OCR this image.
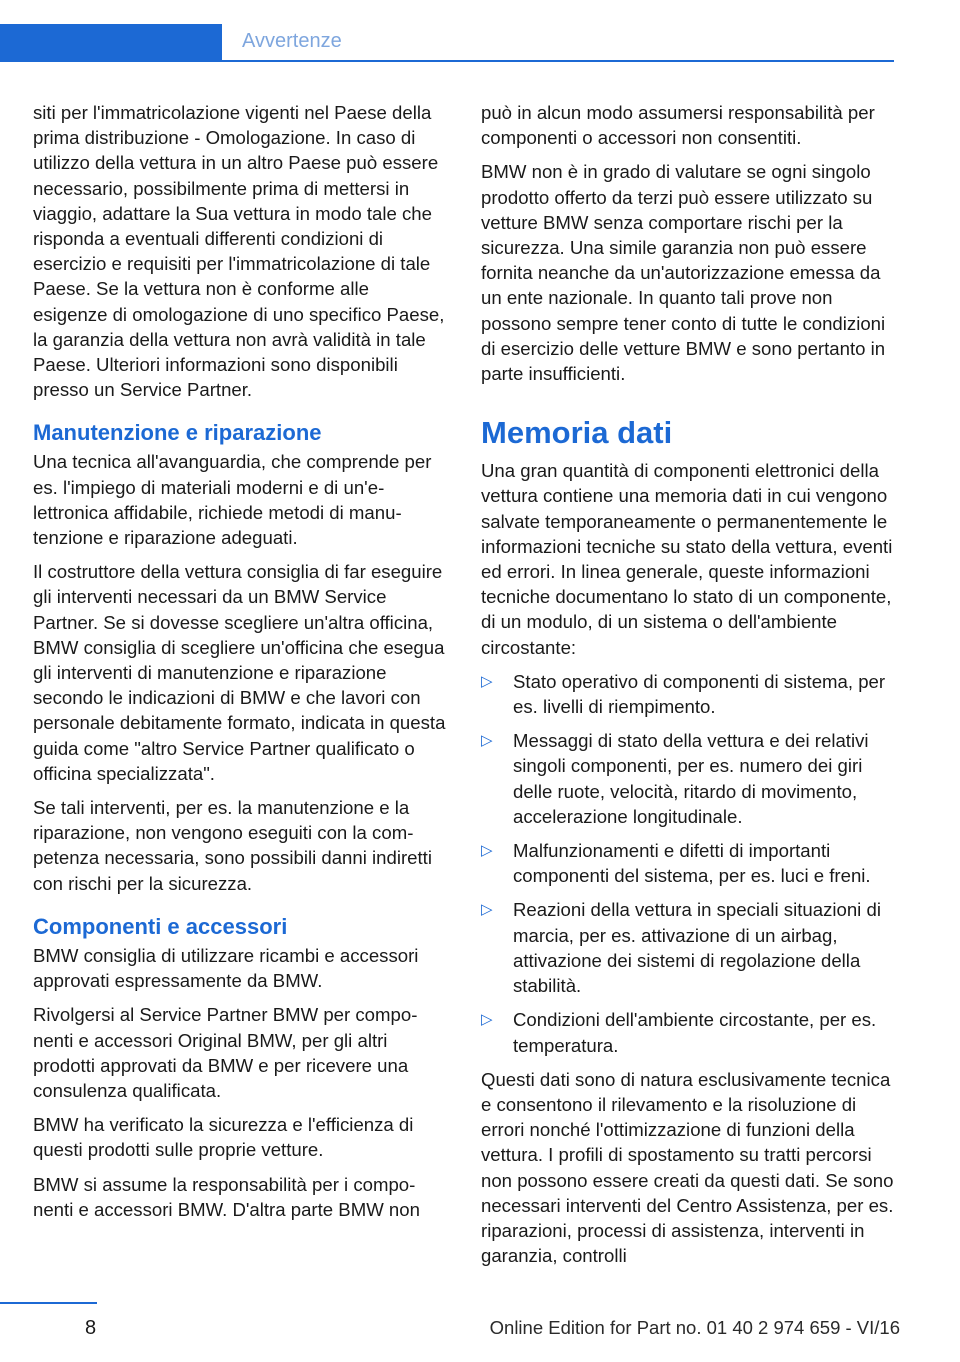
Avvertenze

siti per l'immatricolazione vigenti nel Paese della prima distribuzione - Omologazione. In caso di utilizzo della vettura in un altro Paese può essere necessario, possibilmente prima di mettersi in viaggio, adattare la Sua vettura in modo tale che risponda a eventuali differenti condizioni di esercizio e requisiti per l'immatricolazione di tale Paese. Se la vettura non è conforme alle esigenze di omologazione di uno specifico Paese, la garanzia della vettura non avrà validità in tale Paese. Ulteriori informazioni sono disponibili presso un Service Partner.

Manutenzione e riparazione

Una tecnica all'avanguardia, che comprende per es. l'impiego di materiali moderni e di un'elettronica affidabile, richiede metodi di manutenzione e riparazione adeguati.

Il costruttore della vettura consiglia di far eseguire gli interventi necessari da un BMW Service Partner. Se si dovesse scegliere un'altra officina, BMW consiglia di scegliere un'officina che esegua gli interventi di manutenzione e riparazione secondo le indicazioni di BMW e che lavori con personale debitamente formato, indicata in questa guida come "altro Service Partner qualificato o officina specializzata".

Se tali interventi, per es. la manutenzione e la riparazione, non vengono eseguiti con la competenza necessaria, sono possibili danni indiretti con rischi per la sicurezza.

Componenti e accessori

BMW consiglia di utilizzare ricambi e accessori approvati espressamente da BMW.

Rivolgersi al Service Partner BMW per componenti e accessori Original BMW, per gli altri prodotti approvati da BMW e per ricevere una consulenza qualificata.

BMW ha verificato la sicurezza e l'efficienza di questi prodotti sulle proprie vetture.

BMW si assume la responsabilità per i componenti e accessori BMW. D'altra parte BMW non

può in alcun modo assumersi responsabilità per componenti o accessori non consentiti.

BMW non è in grado di valutare se ogni singolo prodotto offerto da terzi può essere utilizzato su vetture BMW senza comportare rischi per la sicurezza. Una simile garanzia non può essere fornita neanche da un'autorizzazione emessa da un ente nazionale. In quanto tali prove non possono sempre tener conto di tutte le condizioni di esercizio delle vetture BMW e sono pertanto in parte insufficienti.

Memoria dati

Una gran quantità di componenti elettronici della vettura contiene una memoria dati in cui vengono salvate temporaneamente o permanentemente le informazioni tecniche su stato della vettura, eventi ed errori. In linea generale, queste informazioni tecniche documentano lo stato di un componente, di un modulo, di un sistema o dell'ambiente circostante:

▷ Stato operativo di componenti di sistema, per es. livelli di riempimento.
▷ Messaggi di stato della vettura e dei relativi singoli componenti, per es. numero dei giri delle ruote, velocità, ritardo di movimento, accelerazione longitudinale.
▷ Malfunzionamenti e difetti di importanti componenti del sistema, per es. luci e freni.
▷ Reazioni della vettura in speciali situazioni di marcia, per es. attivazione di un airbag, attivazione dei sistemi di regolazione della stabilità.
▷ Condizioni dell'ambiente circostante, per es. temperatura.

Questi dati sono di natura esclusivamente tecnica e consentono il rilevamento e la risoluzione di errori nonché l'ottimizzazione di funzioni della vettura. I profili di spostamento su tratti percorsi non possono essere creati da questi dati. Se sono necessari interventi del Centro Assistenza, per es. riparazioni, processi di assistenza, interventi in garanzia, controlli

8	Online Edition for Part no. 01 40 2 974 659 - VI/16
